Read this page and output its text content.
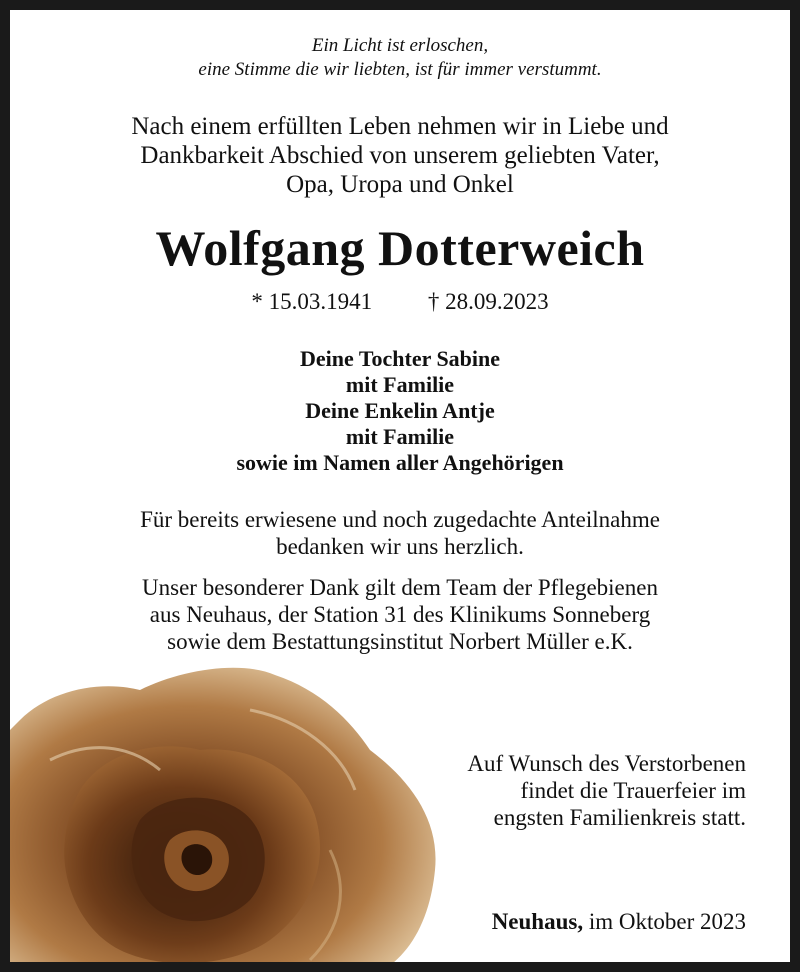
Ein Licht ist erloschen,
eine Stimme die wir liebten, ist für immer verstummt.
Nach einem erfüllten Leben nehmen wir in Liebe und
Dankbarkeit Abschied von unserem geliebten Vater,
Opa, Uropa und Onkel
Wolfgang Dotterweich
* 15.03.1941 † 28.09.2023
Deine Tochter Sabine
mit Familie
Deine Enkelin Antje
mit Familie
sowie im Namen aller Angehörigen
Für bereits erwiesene und noch zugedachte Anteilnahme
bedanken wir uns herzlich.
Unser besonderer Dank gilt dem Team der Pflegebienen
aus Neuhaus, der Station 31 des Klinikums Sonneberg
sowie dem Bestattungsinstitut Norbert Müller e.K.
Auf Wunsch des Verstorbenen
findet die Trauerfeier im
engsten Familienkreis statt.
Neuhaus, im Oktober 2023
